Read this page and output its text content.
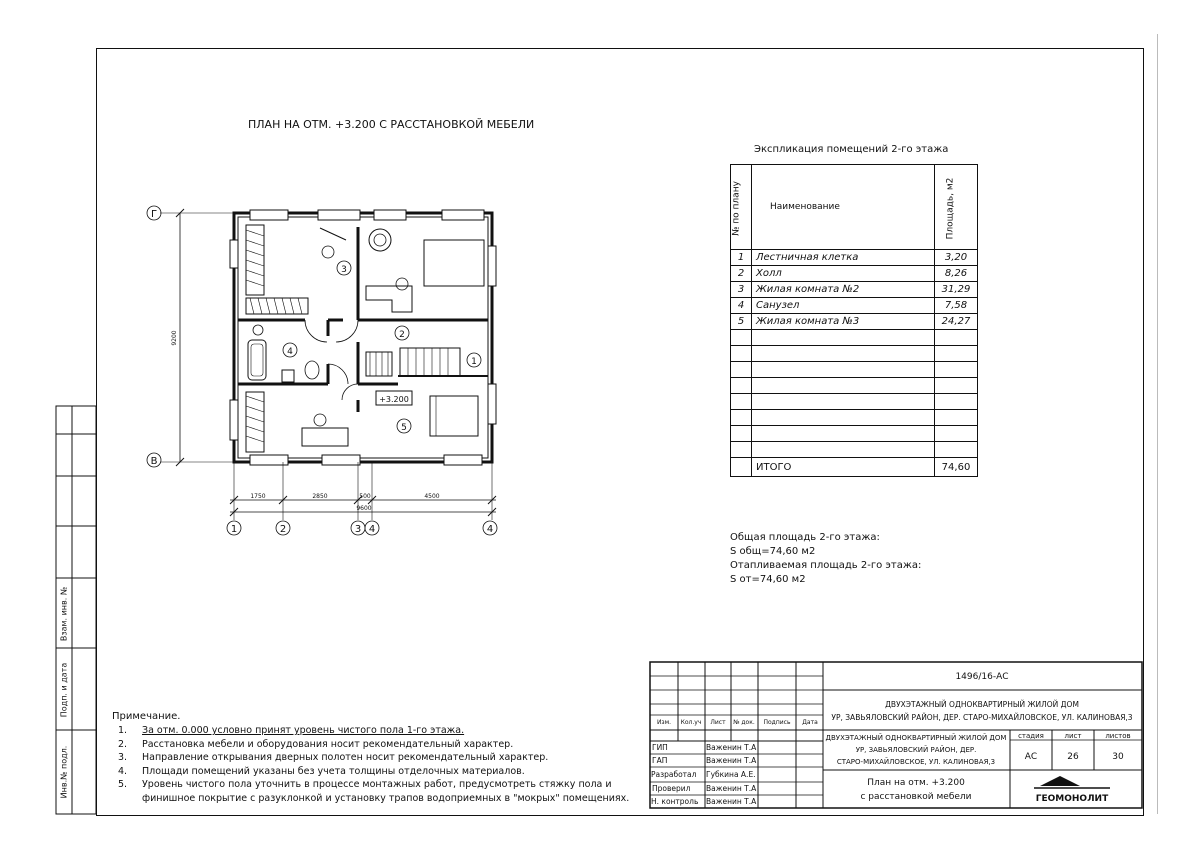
ПЛАН НА ОТМ. +3.200 С РАССТАНОВКОЙ МЕБЕЛИ
Г
В
1	2	3 4	4
9200
1750	2850	500	4500
9600
3
2
1
4
5
+3.200
Экспликация помещений 2-го этажа
№ по плану	Наименование	Площадь, м2

1	Лестничная клетка	3,20
2	Холл	8,26
3	Жилая комната №2	31,29
4	Санузел	7,58
5	Жилая комната №3	24,27

	ИТОГО	74,60
Общая площадь 2-го этажа:
S общ=74,60 м2
Отапливаемая площадь 2-го этажа:
S от=74,60 м2
Примечание.
1. За отм. 0.000 условно принят уровень чистого пола 1-го этажа.
2. Расстановка мебели и оборудования носит рекомендательный характер.
3. Направление открывания дверных полотен носит рекомендательный характер.
4. Площади помещений указаны без учета толщины отделочных материалов.
5. Уровень чистого пола уточнить в процессе монтажных работ, предусмотреть стяжку пола и
финишное покрытие с разуклонкой и установку трапов водоприемных в "мокрых" помещениях.
Взам. инв. №
Подп. и дата
Инв.№ подл.
1496/16-АС
ДВУХЭТАЖНЫЙ ОДНОКВАРТИРНЫЙ ЖИЛОЙ ДОМ
УР, ЗАВЬЯЛОВСКИЙ РАЙОН, ДЕР. СТАРО-МИХАЙЛОВСКОЕ, УЛ. КАЛИНОВАЯ,3
Изм. Кол.уч Лист № док. Подпись Дата
ГИП	Важенин Т.А
ГАП	Важенин Т.А
Разработал Губкина А.Е.
Проверил Важенин Т.А
Н. контроль Важенин Т.А
ДВУХЭТАЖНЫЙ ОДНОКВАРТИРНЫЙ ЖИЛОЙ ДОМ
УР, ЗАВЬЯЛОВСКИЙ РАЙОН, ДЕР.
СТАРО-МИХАЙЛОВСКОЕ, УЛ. КАЛИНОВАЯ,3
стадия	лист	листов
АС	26	30
План на отм. +3.200
с расстановкой мебели	ГЕОМОНОЛИТ
